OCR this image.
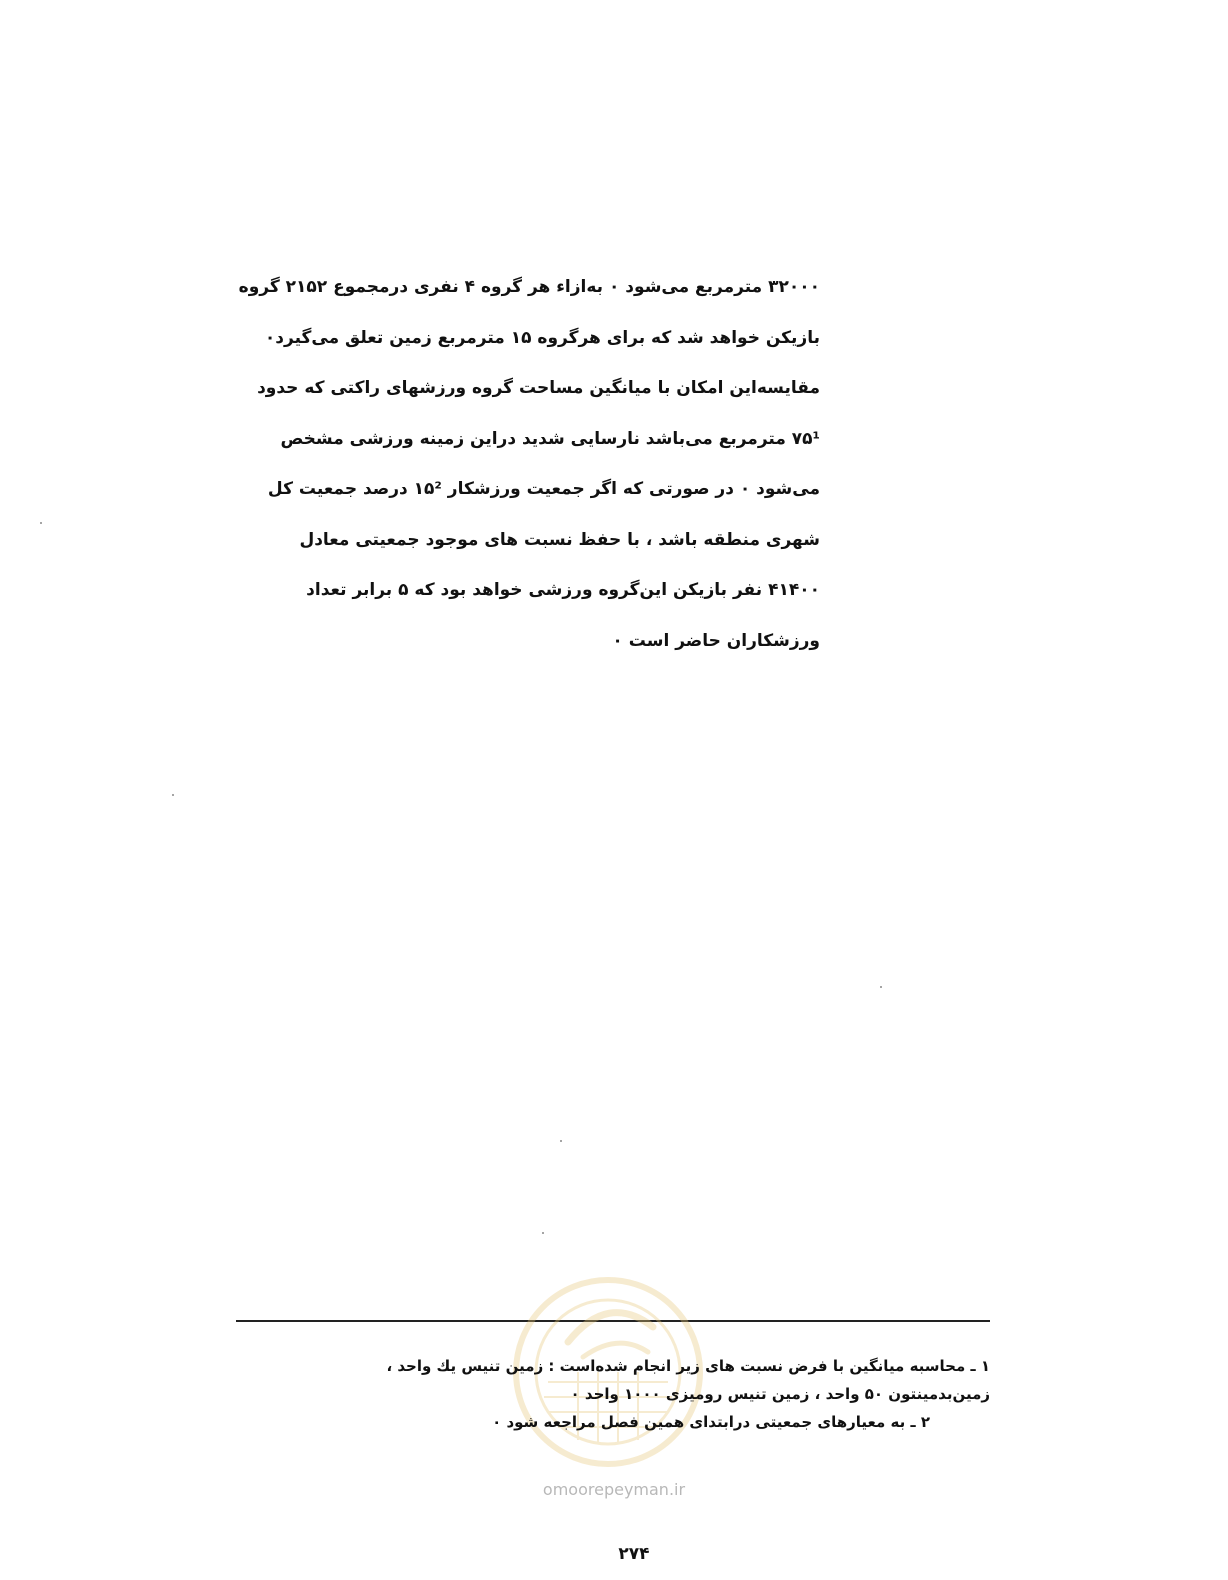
۳۲۰۰۰ مترمربع می‌شود ۰ به‌ازاء هر گروه ۴ نفری درمجموع ۲۱۵۲ گروه
بازیکن خواهد شد که برای هرگروه ۱۵ مترمربع زمین تعلق می‌گیرد۰
مقایسه‌این امکان با میانگین مساحت گروه ورزشهای راکتی که حدود
۷۵¹ مترمربع می‌باشد نارسایی شدید دراین زمینه ورزشی مشخص
می‌شود ۰ در صورتی که اگر جمعیت ورزشکار ۱۵² درصد جمعیت کل
شهری منطقه باشد ، با حفظ نسبت های موجود جمعیتی معادل
۴۱۴۰۰ نفر بازیکن این‌گروه ورزشی خواهد بود که ۵ برابر تعداد
ورزشکاران حاضر است ۰
۱ ـ محاسبه میانگین با فرض نسبت های زیر انجام شده‌است : زمین تنیس یك واحد ،
زمین‌بدمینتون ۵۰ واحد ، زمین تنیس رومیزی ۱۰۰۰ واحد ۰
۲ ـ به معیارهای جمعیتی درابتدای همین فصل مراجعه شود ۰
omoorepeyman.ir
۲۷۴
